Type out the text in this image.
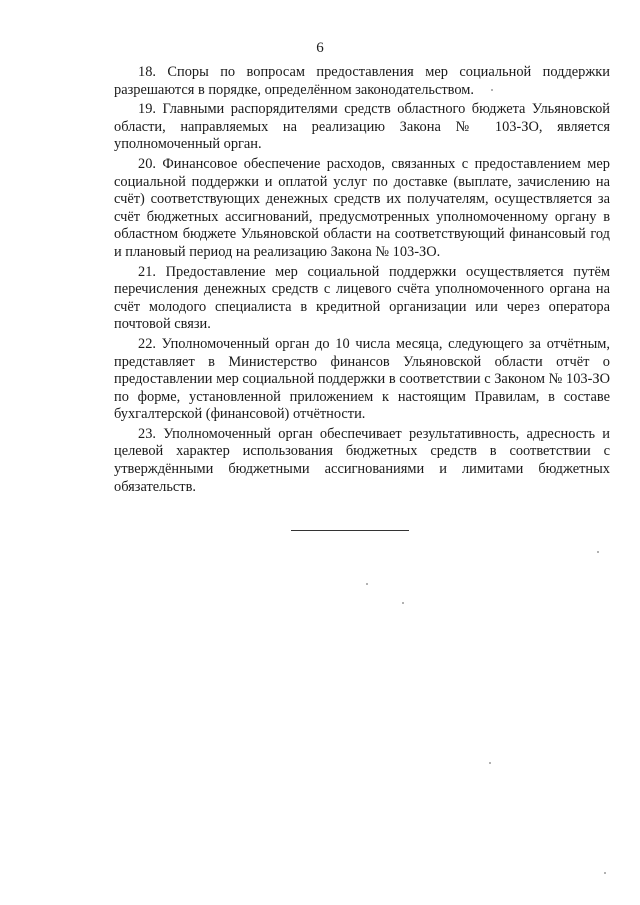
6

18. Споры по вопросам предоставления мер социальной поддержки разрешаются в порядке, определённом законодательством.

19. Главными распорядителями средств областного бюджета Ульяновской области, направляемых на реализацию Закона № 103-ЗО, является уполномоченный орган.

20. Финансовое обеспечение расходов, связанных с предоставлением мер социальной поддержки и оплатой услуг по доставке (выплате, зачислению на счёт) соответствующих денежных средств их получателям, осуществляется за счёт бюджетных ассигнований, предусмотренных уполномоченному органу в областном бюджете Ульяновской области на соответствующий финансовый год и плановый период на реализацию Закона № 103-ЗО.

21. Предоставление мер социальной поддержки осуществляется путём перечисления денежных средств с лицевого счёта уполномоченного органа на счёт молодого специалиста в кредитной организации или через оператора почтовой связи.

22. Уполномоченный орган до 10 числа месяца, следующего за отчётным, представляет в Министерство финансов Ульяновской области отчёт о предоставлении мер социальной поддержки в соответствии с Законом № 103-ЗО по форме, установленной приложением к настоящим Правилам, в составе бухгалтерской (финансовой) отчётности.

23. Уполномоченный орган обеспечивает результативность, адресность и целевой характер использования бюджетных средств в соответствии с утверждёнными бюджетными ассигнованиями и лимитами бюджетных обязательств.
